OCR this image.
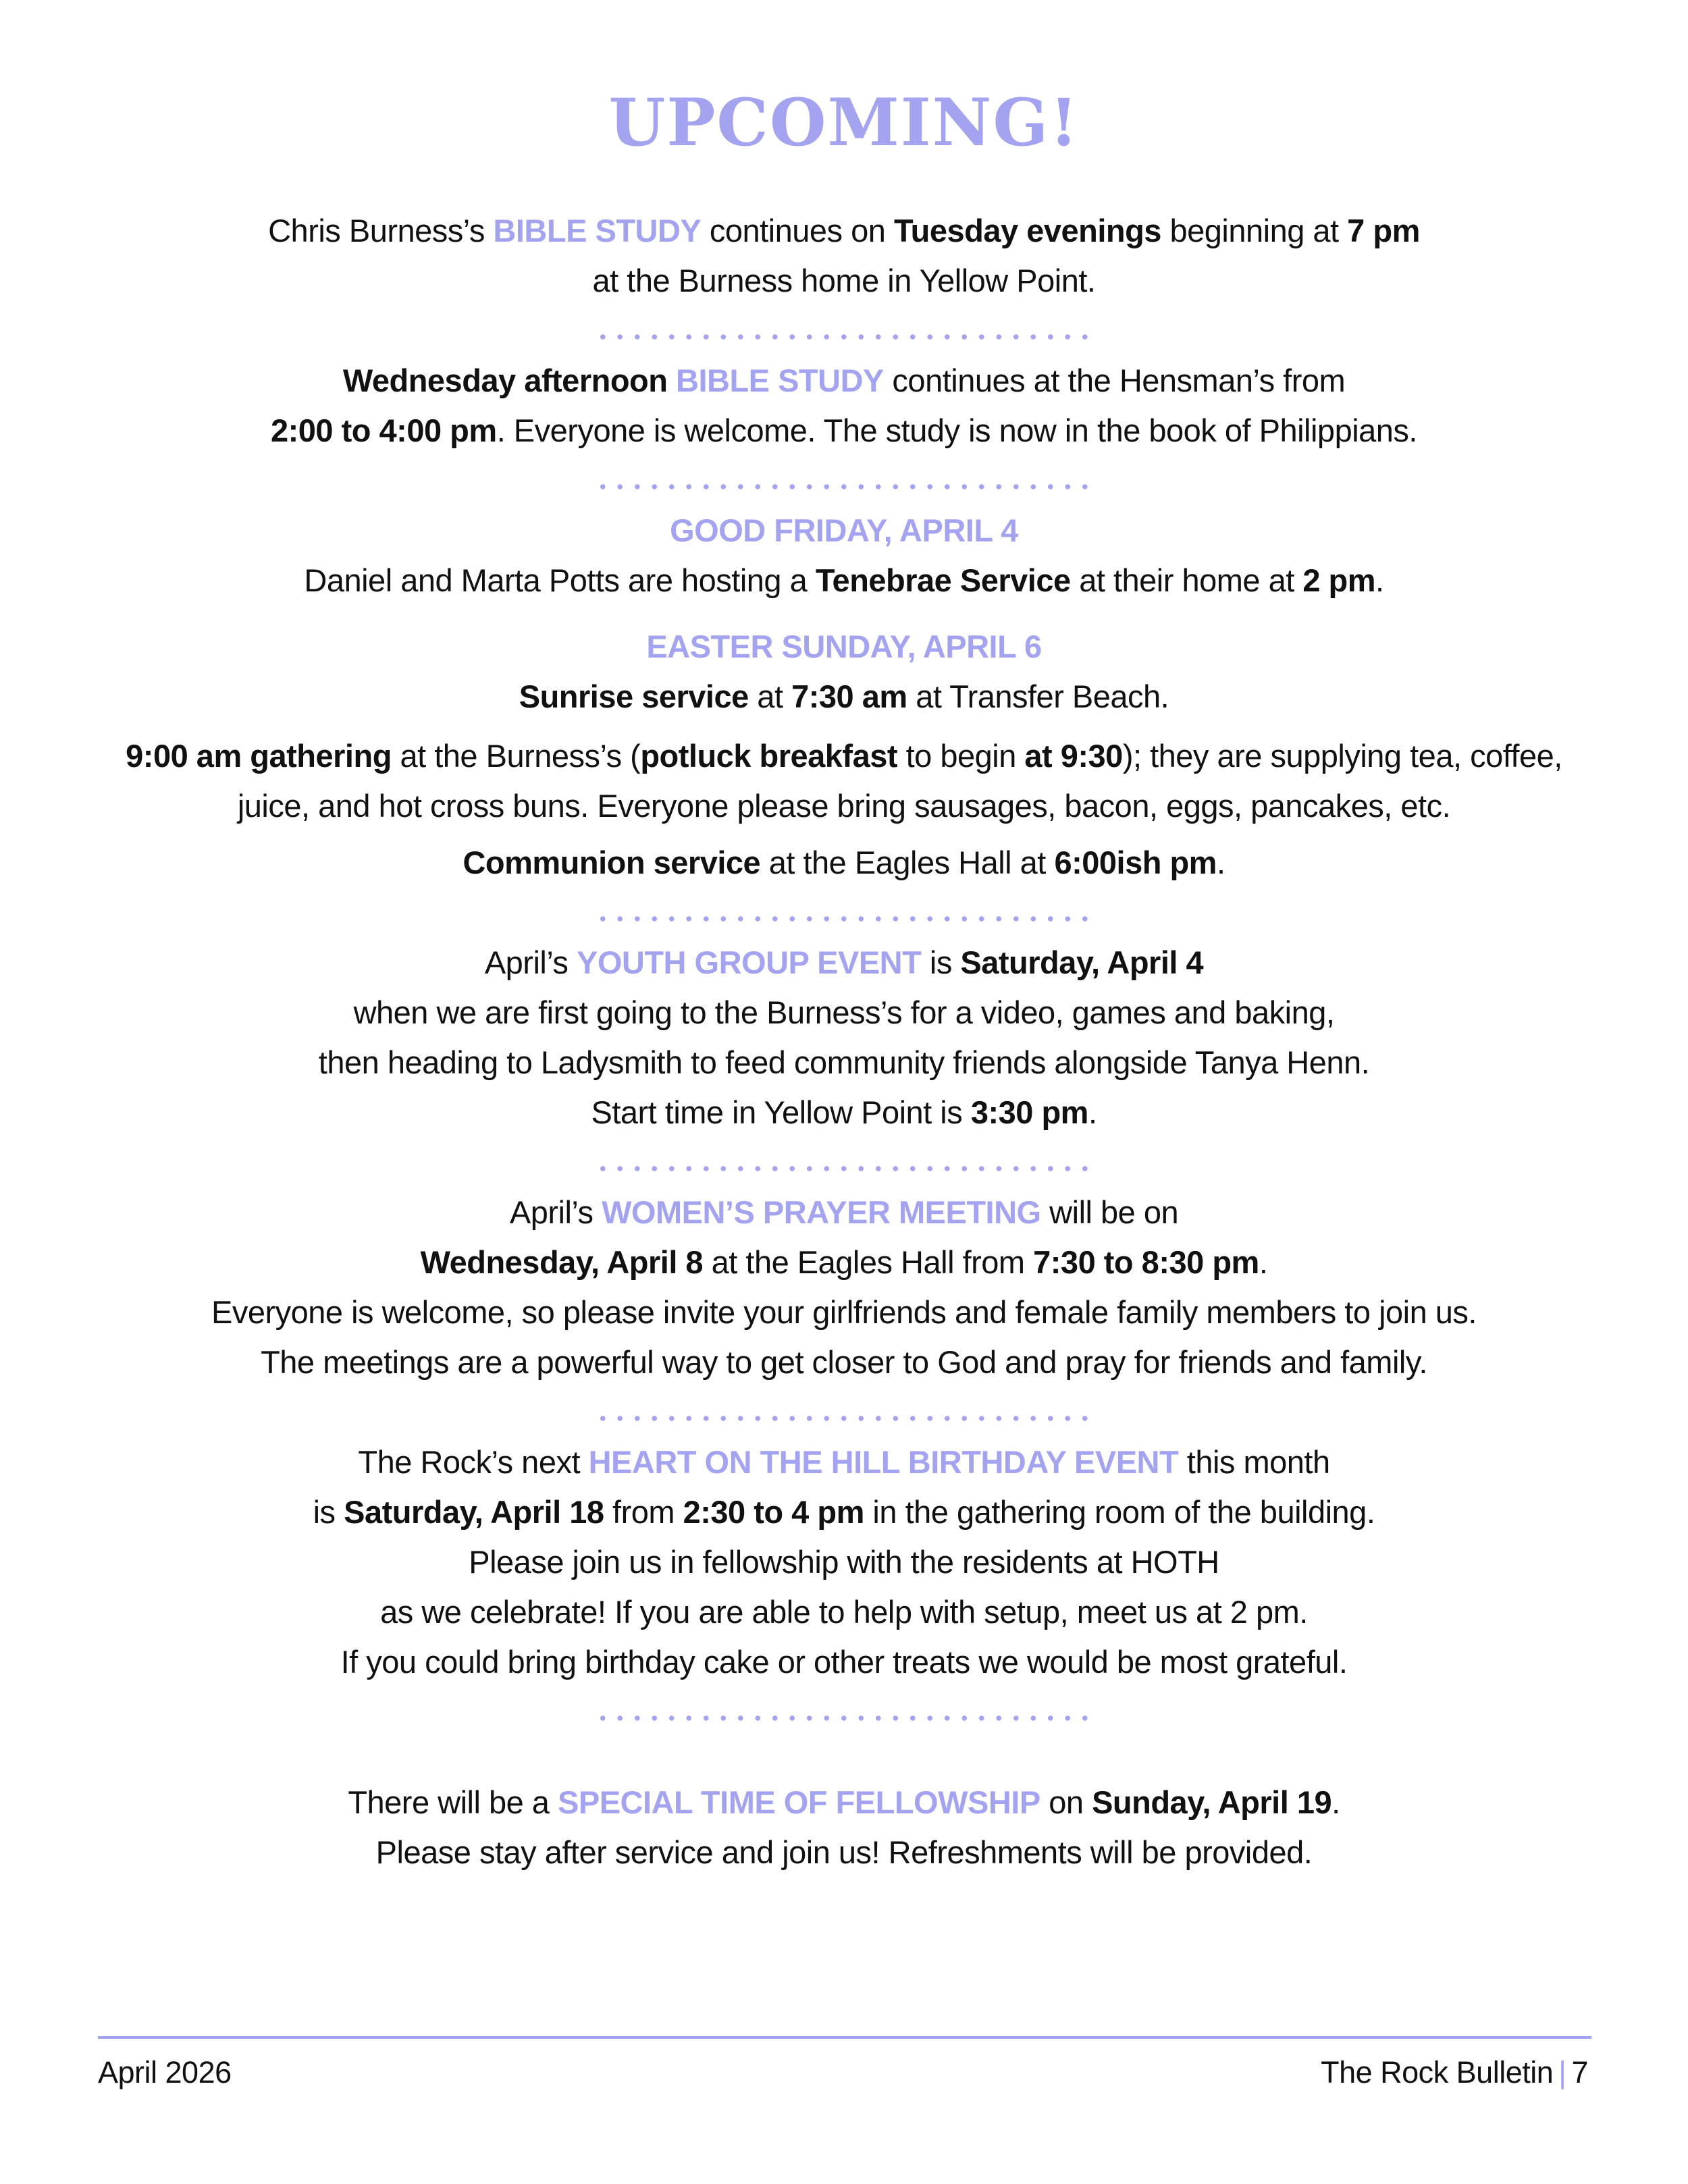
UPCOMING!

Chris Burness’s BIBLE STUDY continues on Tuesday evenings beginning at 7 pm

at the Burness home in Yellow Point.

Wednesday afternoon BIBLE STUDY continues at the Hensman’s from

2:00 to 4:00 pm. Everyone is welcome. The study is now in the book of Philippians.

GOOD FRIDAY, APRIL 4

Daniel and Marta Potts are hosting a Tenebrae Service at their home at 2 pm.

EASTER SUNDAY, APRIL 6

Sunrise service at 7:30 am at Transfer Beach.

9:00 am gathering at the Burness’s (potluck breakfast to begin at 9:30); they are supplying tea, coffee,

juice, and hot cross buns. Everyone please bring sausages, bacon, eggs, pancakes, etc.

Communion service at the Eagles Hall at 6:00ish pm.

April’s YOUTH GROUP EVENT is Saturday, April 4

when we are first going to the Burness’s for a video, games and baking,

then heading to Ladysmith to feed community friends alongside Tanya Henn.

Start time in Yellow Point is 3:30 pm.

April’s WOMEN’S PRAYER MEETING will be on

Wednesday, April 8 at the Eagles Hall from 7:30 to 8:30 pm.

Everyone is welcome, so please invite your girlfriends and female family members to join us.

The meetings are a powerful way to get closer to God and pray for friends and family.

The Rock’s next HEART ON THE HILL BIRTHDAY EVENT this month

is Saturday, April 18 from 2:30 to 4 pm in the gathering room of the building.

Please join us in fellowship with the residents at HOTH

as we celebrate! If you are able to help with setup, meet us at 2 pm.

If you could bring birthday cake or other treats we would be most grateful.

There will be a SPECIAL TIME OF FELLOWSHIP on Sunday, April 19.

Please stay after service and join us! Refreshments will be provided.

April 2026	The Rock Bulletin | 7
